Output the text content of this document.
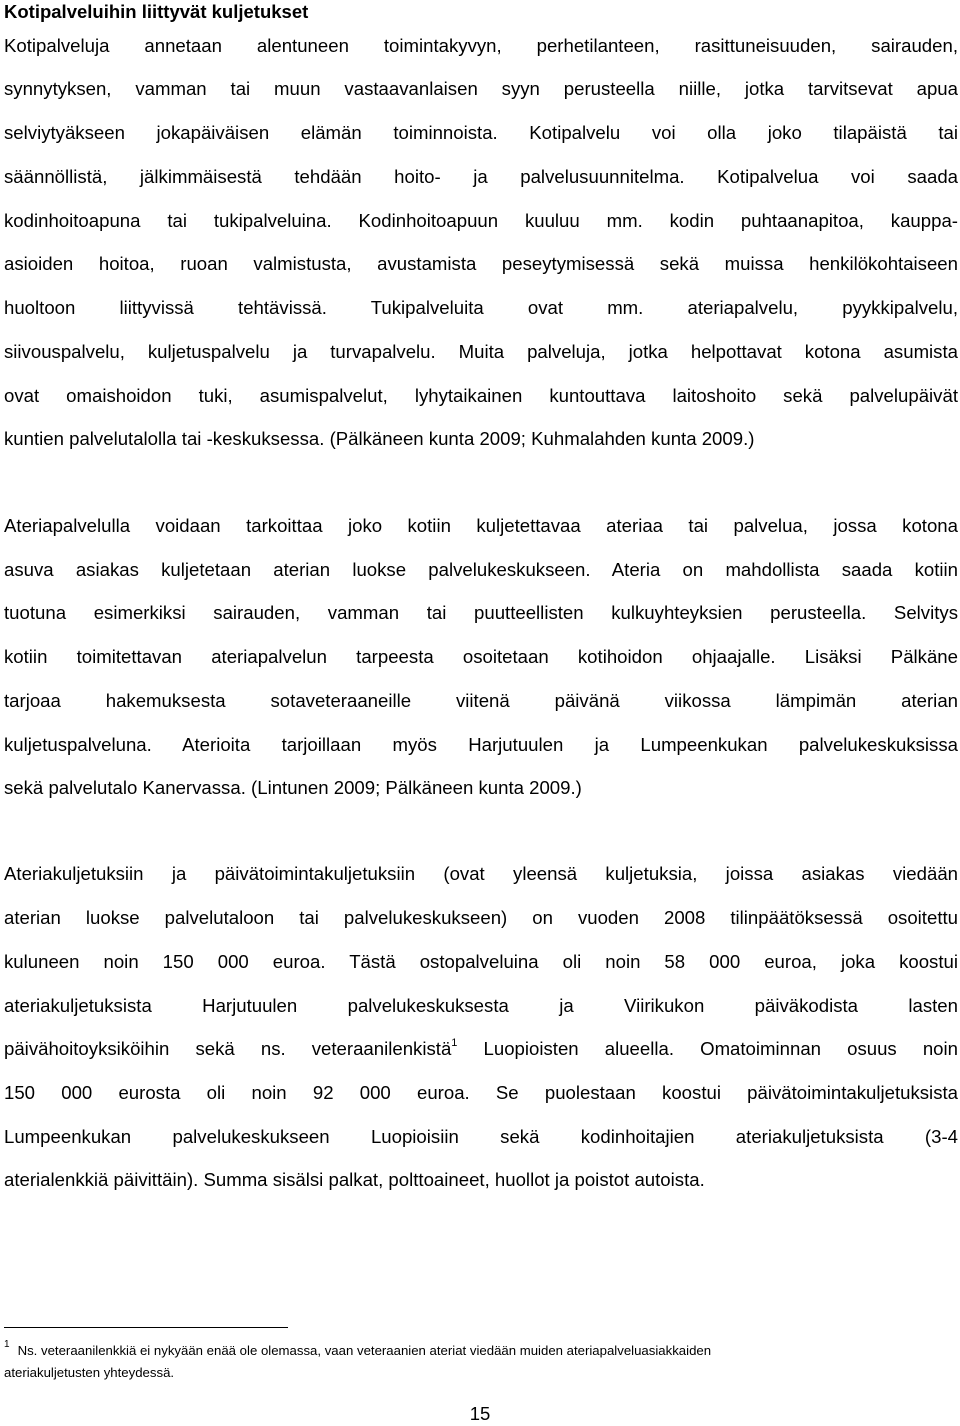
Kotipalveluihin liittyvät kuljetukset
Kotipalveluja annetaan alentuneen toimintakyvyn, perhetilanteen, rasittuneisuuden, sairauden,
synnytyksen, vamman tai muun vastaavanlaisen syyn perusteella niille, jotka tarvitsevat apua
selviytyäkseen jokapäiväisen elämän toiminnoista. Kotipalvelu voi olla joko tilapäistä tai
säännöllistä, jälkimmäisestä tehdään hoito- ja palvelusuunnitelma. Kotipalvelua voi saada
kodinhoitoapuna tai tukipalveluina. Kodinhoitoapuun kuuluu mm. kodin puhtaanapitoa, kauppa-
asioiden hoitoa, ruoan valmistusta, avustamista peseytymisessä sekä muissa henkilökohtaiseen
huoltoon liittyvissä tehtävissä. Tukipalveluita ovat mm. ateriapalvelu, pyykkipalvelu,
siivouspalvelu, kuljetuspalvelu ja turvapalvelu. Muita palveluja, jotka helpottavat kotona asumista
ovat omaishoidon tuki, asumispalvelut, lyhytaikainen kuntouttava laitoshoito sekä palvelupäivät
kuntien palvelutalolla tai -keskuksessa. (Pälkäneen kunta 2009; Kuhmalahden kunta 2009.)
Ateriapalvelulla voidaan tarkoittaa joko kotiin kuljetettavaa ateriaa tai palvelua, jossa kotona
asuva asiakas kuljetetaan aterian luokse palvelukeskukseen. Ateria on mahdollista saada kotiin
tuotuna esimerkiksi sairauden, vamman tai puutteellisten kulkuyhteyksien perusteella. Selvitys
kotiin toimitettavan ateriapalvelun tarpeesta osoitetaan kotihoidon ohjaajalle. Lisäksi Pälkäne
tarjoaa hakemuksesta sotaveteraaneille viitenä päivänä viikossa lämpimän aterian
kuljetuspalveluna. Aterioita tarjoillaan myös Harjutuulen ja Lumpeenkukan palvelukeskuksissa
sekä palvelutalo Kanervassa. (Lintunen 2009; Pälkäneen kunta 2009.)
Ateriakuljetuksiin ja päivätoimintakuljetuksiin (ovat yleensä kuljetuksia, joissa asiakas viedään
aterian luokse palvelutaloon tai palvelukeskukseen) on vuoden 2008 tilinpäätöksessä osoitettu
kuluneen noin 150 000 euroa. Tästä ostopalveluina oli noin 58 000 euroa, joka koostui
ateriakuljetuksista Harjutuulen palvelukeskuksesta ja Viirikukon päiväkodista lasten
päivähoitoyksiköihin sekä ns. veteraanilenkistä$^1$ Luopioisten alueella. Omatoiminnan osuus noin
150 000 eurosta oli noin 92 000 euroa. Se puolestaan koostui päivätoimintakuljetuksista
Lumpeenkukan palvelukeskukseen Luopioisiin sekä kodinhoitajien ateriakuljetuksista (3-4
aterialenkkiä päivittäin). Summa sisälsi palkat, polttoaineet, huollot ja poistot autoista.
$^1$ Ns. veteraanilenkkiä ei nykyään enää ole olemassa, vaan veteraanien ateriat viedään muiden ateriapalveluasiakkaiden
ateriakuljetusten yhteydessä.
15
